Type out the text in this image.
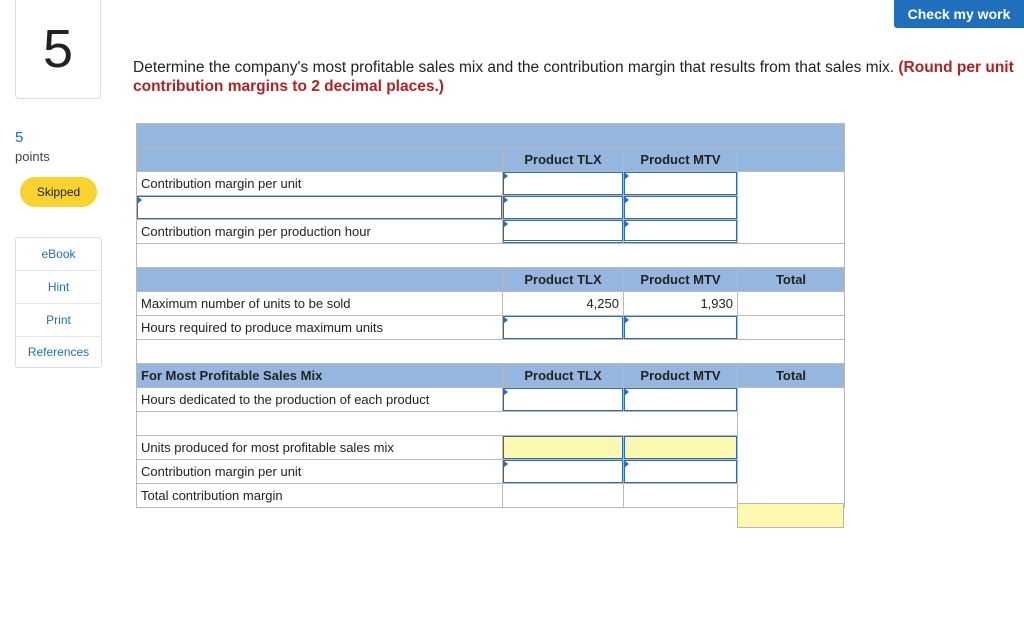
Check my work
5
5
points
Skipped
eBook
Hint
Print
References
Determine the company's most profitable sales mix and the contribution margin that results from that sales mix. (Round per unit contribution margins to 2 decimal places.)

	Product TLX	Product MTV	
Contribution margin per unit	

Contribution margin per production hour		

	Product TLX	Product MTV	Total
Maximum number of units to be sold	4,250	1,930	
Hours required to produce maximum units	

For Most Profitable Sales Mix	Product TLX	Product MTV	Total
Hours dedicated to the production of each product	

Units produced for most profitable sales mix		

Contribution margin per unit		

Total contribution margin			
